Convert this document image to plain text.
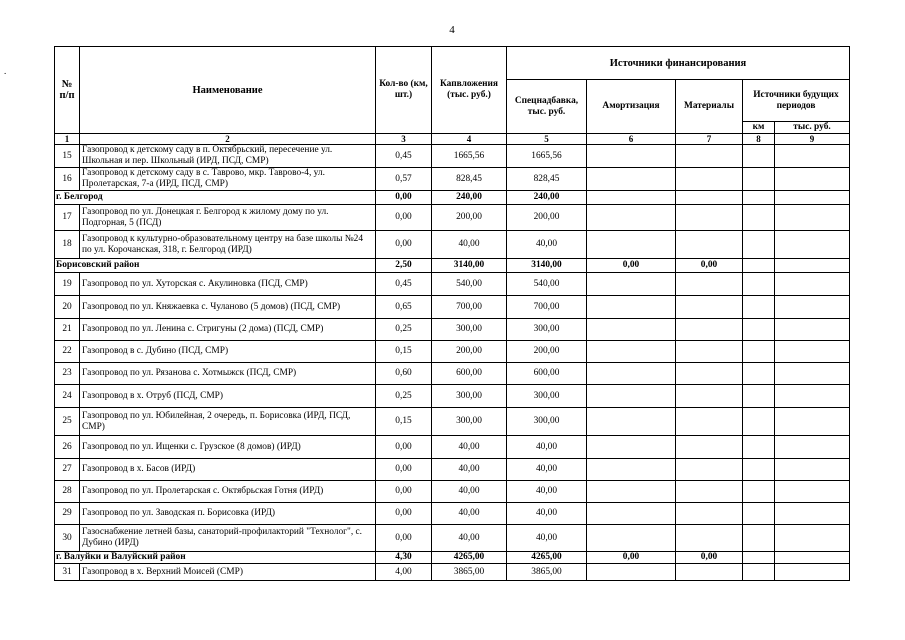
4
.
№ п/п	Наименование	Кол-во (км, шт.)	Капвложения (тыс. руб.)	Источники финансирования				
				Спецнадбавка, тыс. руб.	Амортизация	Материалы	Источники будущих периодов	
							км	тыс. руб.
1	2	3	4	5	6	7	8	9
15	Газопровод к детскому саду в п. Октябрьский, пересечение ул. Школьная и пер. Школьный (ИРД, ПСД, СМР)	0,45	1665,56	1665,56				
16	Газопровод к детскому саду в с. Таврово, мкр. Таврово-4, ул. Пролетарская, 7-а (ИРД, ПСД, СМР)	0,57	828,45	828,45				
г. Белгород		0,00	240,00	240,00				
17	Газопровод по ул. Донецкая г. Белгород к жилому дому по ул. Подгорная, 5 (ПСД)	0,00	200,00	200,00				
18	Газопровод к культурно-образовательному центру на базе школы №24 по ул. Корочанская, 318, г. Белгород (ИРД)	0,00	40,00	40,00				
Борисовский район		2,50	3140,00	3140,00	0,00	0,00		
19	Газопровод по ул. Хуторская с. Акулиновка (ПСД, СМР)	0,45	540,00	540,00				
20	Газопровод по ул. Княжаевка с. Чуланово (5 домов) (ПСД, СМР)	0,65	700,00	700,00				
21	Газопровод по ул. Ленина с. Стригуны (2 дома) (ПСД, СМР)	0,25	300,00	300,00				
22	Газопровод в с. Дубино (ПСД, СМР)	0,15	200,00	200,00				
23	Газопровод по ул. Рязанова с. Хотмыжск (ПСД, СМР)	0,60	600,00	600,00				
24	Газопровод в х. Отруб (ПСД, СМР)	0,25	300,00	300,00				
25	Газопровод по ул. Юбилейная, 2 очередь, п. Борисовка (ИРД, ПСД, СМР)	0,15	300,00	300,00				
26	Газопровод по ул. Ищенки с. Грузское (8 домов) (ИРД)	0,00	40,00	40,00				
27	Газопровод в х. Басов (ИРД)	0,00	40,00	40,00				
28	Газопровод по ул. Пролетарская с. Октябрьская Готня (ИРД)	0,00	40,00	40,00				
29	Газопровод по ул. Заводская п. Борисовка (ИРД)	0,00	40,00	40,00				
30	Газоснабжение летней базы, санаторий-профилакторий "Технолог", с. Дубино (ИРД)	0,00	40,00	40,00				
г. Валуйки и Валуйский район		4,30	4265,00	4265,00	0,00	0,00		
31	Газопровод в х. Верхний Моисей (СМР)	4,00	3865,00	3865,00				
